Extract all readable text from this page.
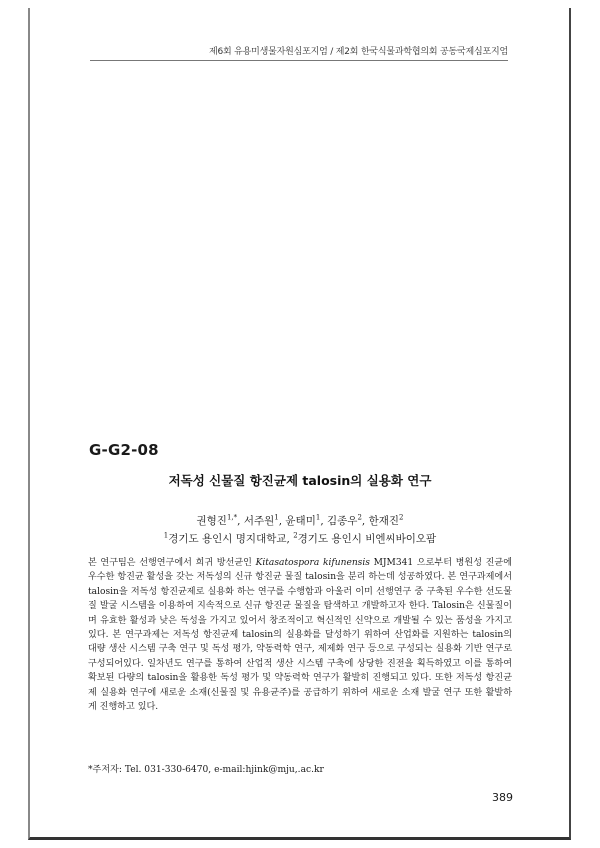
제6회 유용미생물자원심포지엄 / 제2회 한국식물과학협의회 공동국제심포지엄
G-G2-08
저독성 신물질 항진균제 talosin의 실용화 연구
권형진$^{1,*}$, 서주원$^1$, 윤태미$^1$, 김종우$^2$, 한재진$^2$
$^1$경기도 용인시 명지대학교, $^2$경기도 용인시 비엔씨바이오팜

본 연구팀은 선행연구에서 희귀 방선균인 Kitasatospora kifunensis MJM341 으로부터 병원성 진균에 우수한 항진균 활성을 갖는 저독성의 신규 항진균 물질 talosin을 분리 하는데 성공하였다. 본 연구과제에서 talosin을 저독성 항진균제로 실용화 하는 연구를 수행함과 아울러 이미 선행연구 중 구축된 우수한 선도물질 발굴 시스템을 이용하여 지속적으로 신규 항진균 물질을 탐색하고 개발하고자 한다. Talosin은 신물질이며 유효한 활성과 낮은 독성을 가지고 있어서 창조적이고 혁신적인 신약으로 개발될 수 있는 품성을 가지고 있다. 본 연구과제는 저독성 항진균제 talosin의 실용화를 달성하기 위하여 산업화를 지원하는 talosin의 대량 생산 시스템 구축 연구 및 독성 평가, 약동력학 연구, 제제화 연구 등으로 구성되는 실용화 기반 연구로 구성되어있다. 일차년도 연구를 통하여 산업적 생산 시스템 구축에 상당한 진전을 획득하였고 이를 통하여 확보된 다량의 talosin을 활용한 독성 평가 및 약동력학 연구가 활발히 진행되고 있다. 또한 저독성 항진균제 실용화 연구에 새로운 소재(신물질 및 유용균주)를 공급하기 위하여 새로운 소재 발굴 연구 또한 활발하게 진행하고 있다.

*주저자: Tel. 031-330-6470, e-mail:hjink@mju,.ac.kr
389
